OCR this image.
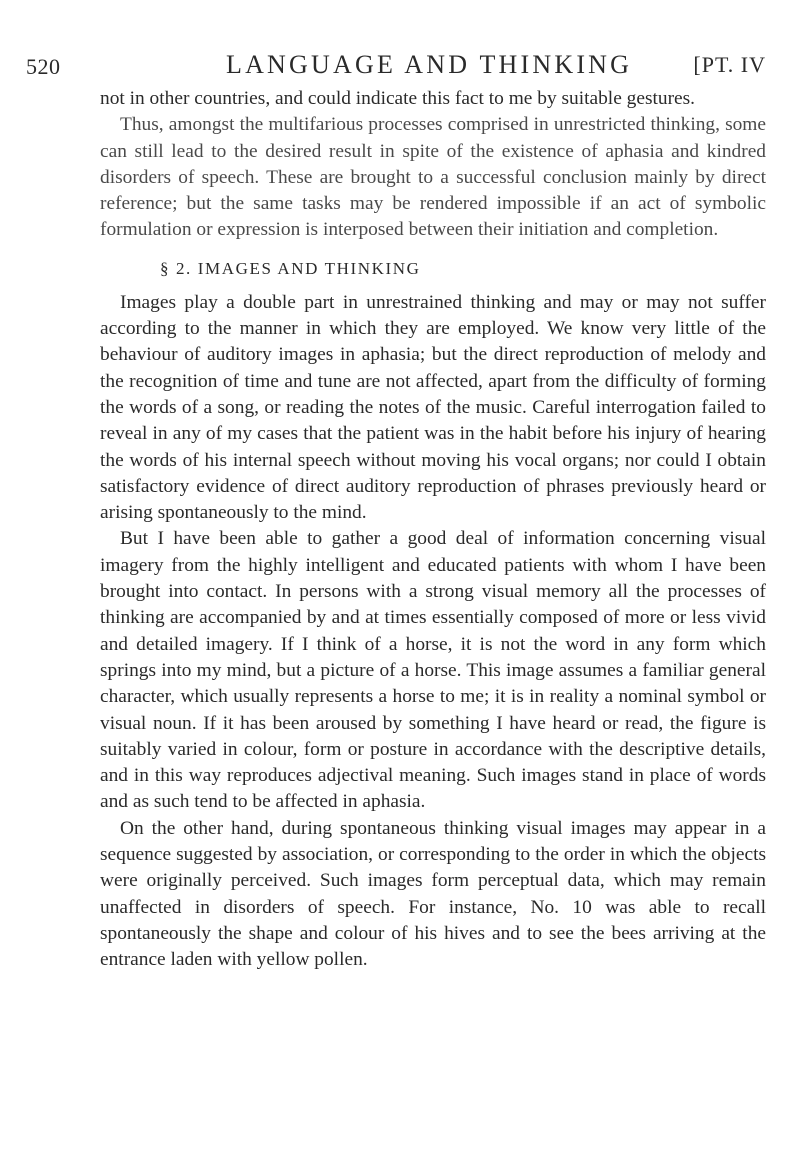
520	LANGUAGE AND THINKING	[PT. IV

not in other countries, and could indicate this fact to me by suitable gestures.

Thus, amongst the multifarious processes comprised in unrestricted thinking, some can still lead to the desired result in spite of the existence of aphasia and kindred disorders of speech. These are brought to a successful conclusion mainly by direct reference; but the same tasks may be rendered impossible if an act of symbolic formulation or expression is interposed between their initiation and completion.

§ 2. IMAGES AND THINKING

Images play a double part in unrestrained thinking and may or may not suffer according to the manner in which they are employed. We know very little of the behaviour of auditory images in aphasia; but the direct reproduction of melody and the recognition of time and tune are not affected, apart from the difficulty of forming the words of a song, or reading the notes of the music. Careful interrogation failed to reveal in any of my cases that the patient was in the habit before his injury of hearing the words of his internal speech without moving his vocal organs; nor could I obtain satisfactory evidence of direct auditory reproduction of phrases previously heard or arising spontaneously to the mind.

But I have been able to gather a good deal of information concerning visual imagery from the highly intelligent and educated patients with whom I have been brought into contact. In persons with a strong visual memory all the processes of thinking are accompanied by and at times essentially composed of more or less vivid and detailed imagery. If I think of a horse, it is not the word in any form which springs into my mind, but a picture of a horse. This image assumes a familiar general character, which usually represents a horse to me; it is in reality a nominal symbol or visual noun. If it has been aroused by something I have heard or read, the figure is suitably varied in colour, form or posture in accordance with the descriptive details, and in this way reproduces adjectival meaning. Such images stand in place of words and as such tend to be affected in aphasia.

On the other hand, during spontaneous thinking visual images may appear in a sequence suggested by association, or corresponding to the order in which the objects were originally perceived. Such images form perceptual data, which may remain unaffected in disorders of speech. For instance, No. 10 was able to recall spontaneously the shape and colour of his hives and to see the bees arriving at the entrance laden with yellow pollen.
